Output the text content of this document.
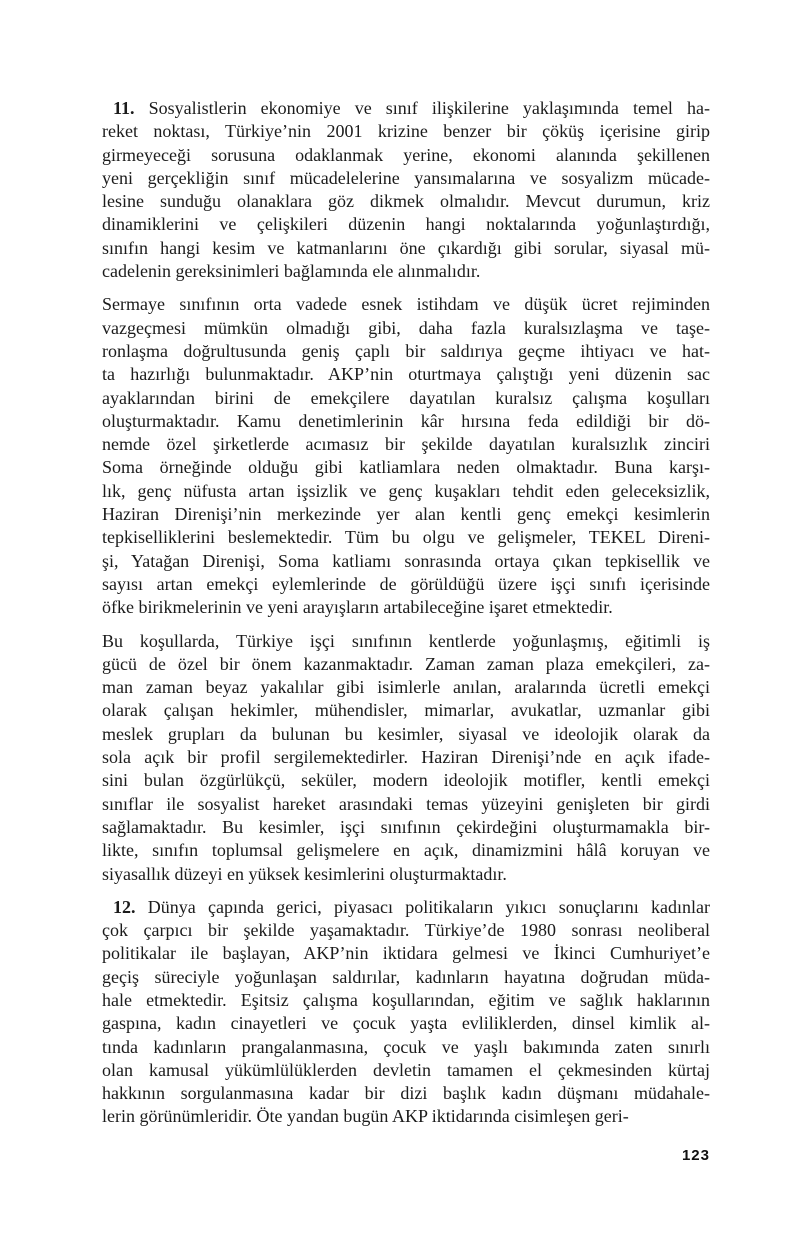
11. Sosyalistlerin ekonomiye ve sınıf ilişkilerine yaklaşımında temel ha-
reket noktası, Türkiye’nin 2001 krizine benzer bir çöküş içerisine girip
girmeyeceği sorusuna odaklanmak yerine, ekonomi alanında şekillenen
yeni gerçekliğin sınıf mücadelelerine yansımalarına ve sosyalizm mücade-
lesine sunduğu olanaklara göz dikmek olmalıdır. Mevcut durumun, kriz
dinamiklerini ve çelişkileri düzenin hangi noktalarında yoğunlaştırdığı,
sınıfın hangi kesim ve katmanlarını öne çıkardığı gibi sorular, siyasal mü-
cadelenin gereksinimleri bağlamında ele alınmalıdır.

Sermaye sınıfının orta vadede esnek istihdam ve düşük ücret rejiminden
vazgeçmesi mümkün olmadığı gibi, daha fazla kuralsızlaşma ve taşe-
ronlaşma doğrultusunda geniş çaplı bir saldırıya geçme ihtiyacı ve hat-
ta hazırlığı bulunmaktadır. AKP’nin oturtmaya çalıştığı yeni düzenin sac
ayaklarından birini de emekçilere dayatılan kuralsız çalışma koşulları
oluşturmaktadır. Kamu denetimlerinin kâr hırsına feda edildiği bir dö-
nemde özel şirketlerde acımasız bir şekilde dayatılan kuralsızlık zinciri
Soma örneğinde olduğu gibi katliamlara neden olmaktadır. Buna karşı-
lık, genç nüfusta artan işsizlik ve genç kuşakları tehdit eden geleceksizlik,
Haziran Direnişi’nin merkezinde yer alan kentli genç emekçi kesimlerin
tepkiselliklerini beslemektedir. Tüm bu olgu ve gelişmeler, TEKEL Direni-
şi, Yatağan Direnişi, Soma katliamı sonrasında ortaya çıkan tepkisellik ve
sayısı artan emekçi eylemlerinde de görüldüğü üzere işçi sınıfı içerisinde
öfke birikmelerinin ve yeni arayışların artabileceğine işaret etmektedir.

Bu koşullarda, Türkiye işçi sınıfının kentlerde yoğunlaşmış, eğitimli iş
gücü de özel bir önem kazanmaktadır. Zaman zaman plaza emekçileri, za-
man zaman beyaz yakalılar gibi isimlerle anılan, aralarında ücretli emekçi
olarak çalışan hekimler, mühendisler, mimarlar, avukatlar, uzmanlar gibi
meslek grupları da bulunan bu kesimler, siyasal ve ideolojik olarak da
sola açık bir profil sergilemektedirler. Haziran Direnişi’nde en açık ifade-
sini bulan özgürlükçü, seküler, modern ideolojik motifler, kentli emekçi
sınıflar ile sosyalist hareket arasındaki temas yüzeyini genişleten bir girdi
sağlamaktadır. Bu kesimler, işçi sınıfının çekirdeğini oluşturmamakla bir-
likte, sınıfın toplumsal gelişmelere en açık, dinamizmini hâlâ koruyan ve
siyasallık düzeyi en yüksek kesimlerini oluşturmaktadır.

12. Dünya çapında gerici, piyasacı politikaların yıkıcı sonuçlarını kadınlar
çok çarpıcı bir şekilde yaşamaktadır. Türkiye’de 1980 sonrası neoliberal
politikalar ile başlayan, AKP’nin iktidara gelmesi ve İkinci Cumhuriyet’e
geçiş süreciyle yoğunlaşan saldırılar, kadınların hayatına doğrudan müda-
hale etmektedir. Eşitsiz çalışma koşullarından, eğitim ve sağlık haklarının
gaspına, kadın cinayetleri ve çocuk yaşta evliliklerden, dinsel kimlik al-
tında kadınların prangalanmasına, çocuk ve yaşlı bakımında zaten sınırlı
olan kamusal yükümlülüklerden devletin tamamen el çekmesinden kürtaj
hakkının sorgulanmasına kadar bir dizi başlık kadın düşmanı müdahale-
lerin görünümleridir. Öte yandan bugün AKP iktidarında cisimleşen geri-

123
